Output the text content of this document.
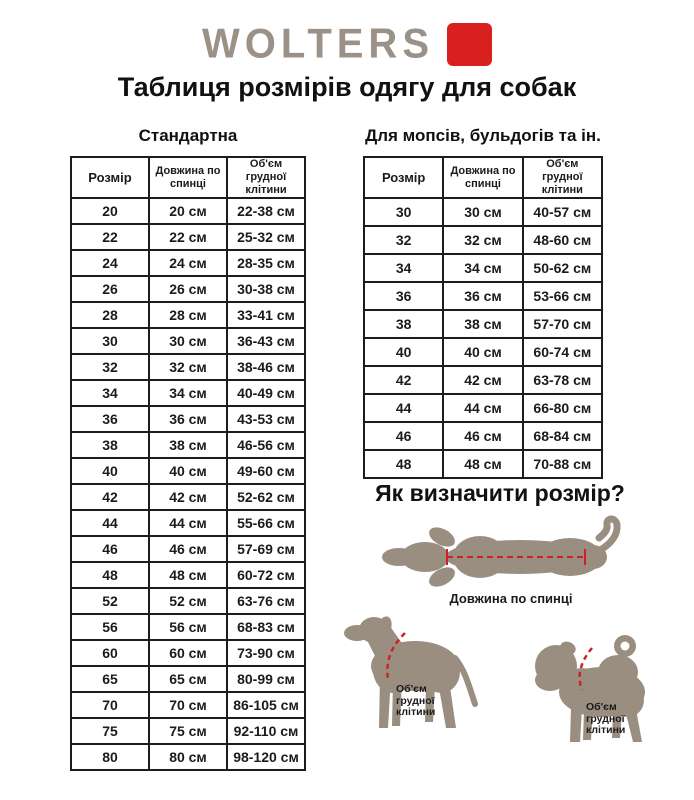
WOLTERS
Таблиця розмірів одягу для собак
Стандартна
Розмір	Довжина по спинці	Об'єм грудної клітини
20	20 см	22-38 см
22	22 см	25-32 см
24	24 см	28-35 см
26	26 см	30-38 см
28	28 см	33-41 см
30	30 см	36-43 см
32	32 см	38-46 см
34	34 см	40-49 см
36	36 см	43-53 см
38	38 см	46-56 см
40	40 см	49-60 см
42	42 см	52-62 см
44	44 см	55-66 см
46	46 см	57-69 см
48	48 см	60-72 см
52	52 см	63-76 см
56	56 см	68-83 см
60	60 см	73-90 см
65	65 см	80-99 см
70	70 см	86-105 см
75	75 см	92-110 см
80	80 см	98-120 см
Для мопсів, бульдогів та ін.
Розмір	Довжина по спинці	Об'єм грудної клітини
30	30 см	40-57 см
32	32 см	48-60 см
34	34 см	50-62 см
36	36 см	53-66 см
38	38 см	57-70 см
40	40 см	60-74 см
42	42 см	63-78 см
44	44 см	66-80 см
46	46 см	68-84 см
48	48 см	70-88 см
Як визначити розмір?
Довжина по спинці
Об'єм
грудної
клітини	Об'єм
грудної
клітини
